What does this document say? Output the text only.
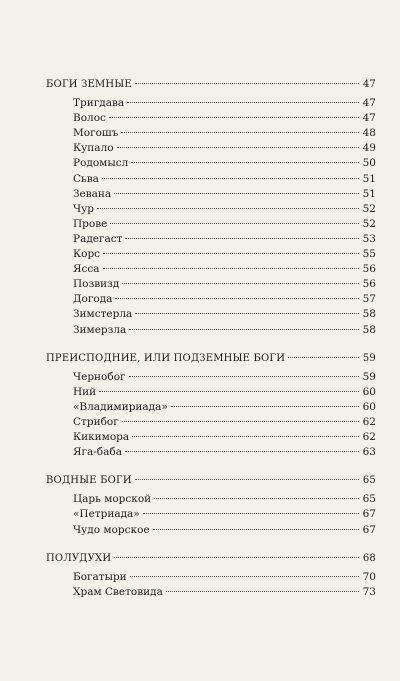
БОГИ ЗЕМНЫЕ	47
Тригдава	47
Волос	47
Могошъ	48
Купало	49
Родомысл	50
Сьва	51
Зевана	51
Чур	52
Прове	52
Радегаст	53
Корс	55
Ясса	56
Позвизд	56
Догода	57
Зимстерла	58
Зимерзла	58
ПРЕИСПОДНИЕ, ИЛИ ПОДЗЕМНЫЕ БОГИ	59
Чернобог	59
Ний	60
«Владимириада»	60
Стрибог	62
Кикимора	62
Яга-баба	63
ВОДНЫЕ БОГИ	65
Царь морской	65
«Петриада»	67
Чудо морское	67
ПОЛУДУХИ	68
Богатыри	70
Храм Световида	73
